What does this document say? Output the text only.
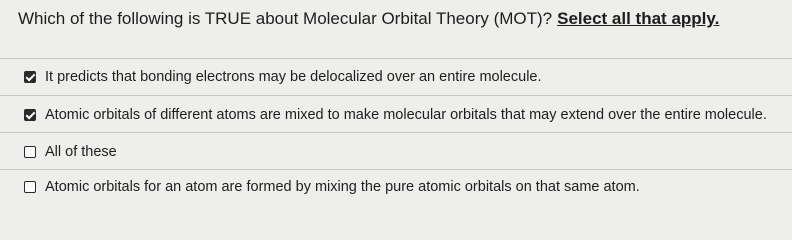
Which of the following is TRUE about Molecular Orbital Theory (MOT)? Select all that apply.
It predicts that bonding electrons may be delocalized over an entire molecule.
Atomic orbitals of different atoms are mixed to make molecular orbitals that may extend over the entire molecule.
All of these
Atomic orbitals for an atom are formed by mixing the pure atomic orbitals on that same atom.
